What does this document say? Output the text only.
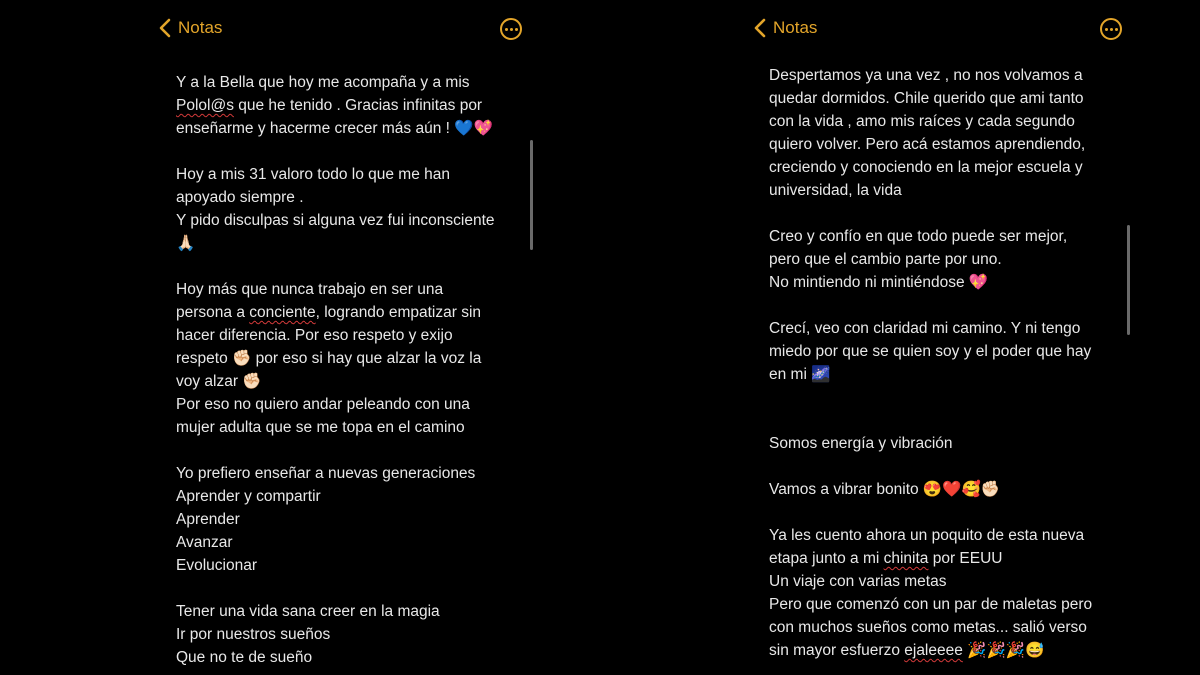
Notas
Y a la Bella que hoy me acompaña y a mis
Polol@s que he tenido . Gracias infinitas por
enseñarme y hacerme crecer más aún ! 💙💖

Hoy a mis 31 valoro todo lo que me han
apoyado siempre .
Y pido disculpas si alguna vez fui inconsciente
🙏🏻

Hoy más que nunca trabajo en ser una
persona a conciente, logrando empatizar sin
hacer diferencia. Por eso respeto y exijo
respeto ✊🏻 por eso si hay que alzar la voz la
voy alzar ✊🏻
Por eso no quiero andar peleando con una
mujer adulta que se me topa en el camino

Yo prefiero enseñar a nuevas generaciones
Aprender y compartir
Aprender
Avanzar
Evolucionar

Tener una vida sana creer en la magia
Ir por nuestros sueños
Que no te de sueño
Notas
Despertamos ya una vez , no nos volvamos a
quedar dormidos. Chile querido que ami tanto
con la vida , amo mis raíces y cada segundo
quiero volver. Pero acá estamos aprendiendo,
creciendo y conociendo en la mejor escuela y
universidad, la vida

Creo y confío en que todo puede ser mejor,
pero que el cambio parte por uno.
No mintiendo ni mintiéndose 💖

Crecí, veo con claridad mi camino. Y ni tengo
miedo por que se quien soy y el poder que hay
en mi 🌌

Somos energía y vibración

Vamos a vibrar bonito 😍❤️🥰✊🏻

Ya les cuento ahora un poquito de esta nueva
etapa junto a mi chinita por EEUU
Un viaje con varias metas
Pero que comenzó con un par de maletas pero
con muchos sueños como metas... salió verso
sin mayor esfuerzo ejaleeee 🎉🎉🎉😅
